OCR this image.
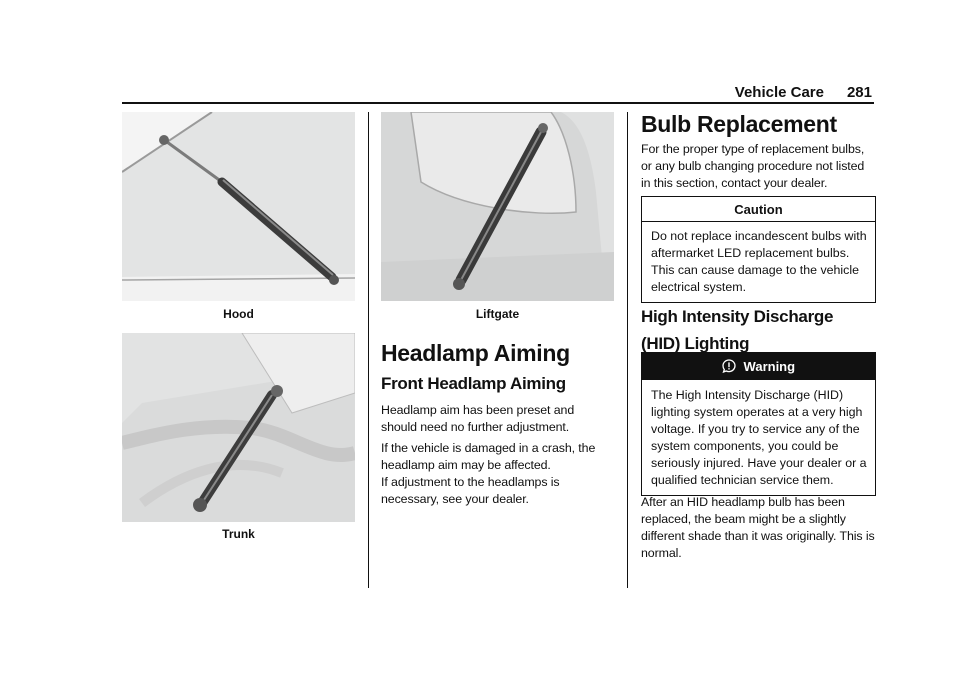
Vehicle Care 281
Hood
Trunk
Liftgate
Headlamp Aiming
Front Headlamp Aiming

Headlamp aim has been preset and should need no further adjustment.

If the vehicle is damaged in a crash, the headlamp aim may be affected.

If adjustment to the headlamps is necessary, see your dealer.

Bulb Replacement

For the proper type of replacement bulbs, or any bulb changing procedure not listed in this section, contact your dealer.

Caution
Do not replace incandescent bulbs with aftermarket LED replacement bulbs. This can cause damage to the vehicle electrical system.
High Intensity Discharge (HID) Lighting
Warning
The High Intensity Discharge (HID) lighting system operates at a very high voltage. If you try to service any of the system components, you could be seriously injured. Have your dealer or a qualified technician service them.

After an HID headlamp bulb has been replaced, the beam might be a slightly different shade than it was originally. This is normal.
